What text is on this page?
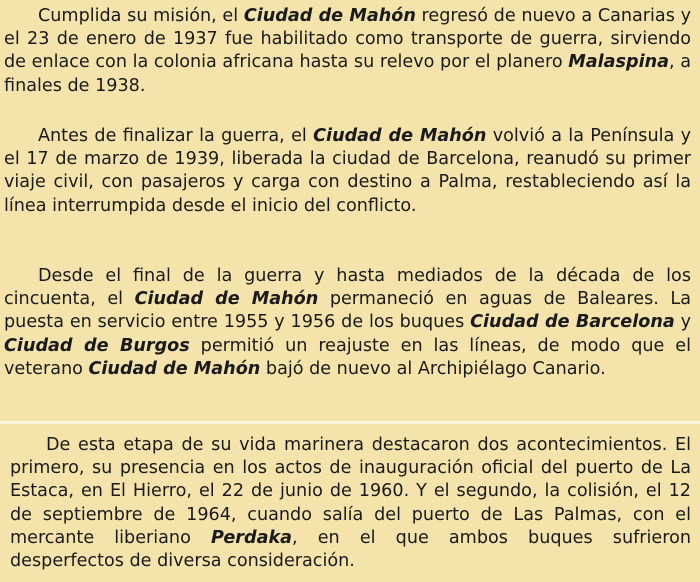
Cumplida su misión, el Ciudad de Mahón regresó de nuevo a Canarias y el 23 de enero de 1937 fue habilitado como transporte de guerra, sirviendo de enlace con la colonia africana hasta su relevo por el planero Malaspina, a finales de 1938.

Antes de finalizar la guerra, el Ciudad de Mahón volvió a la Península y el 17 de marzo de 1939, liberada la ciudad de Barcelona, reanudó su primer viaje civil, con pasajeros y carga con destino a Palma, restableciendo así la línea interrumpida desde el inicio del conflicto.

Desde el final de la guerra y hasta mediados de la década de los cincuenta, el Ciudad de Mahón permaneció en aguas de Baleares. La puesta en servicio entre 1955 y 1956 de los buques Ciudad de Barcelona y Ciudad de Burgos permitió un reajuste en las líneas, de modo que el veterano Ciudad de Mahón bajó de nuevo al Archipiélago Canario.

De esta etapa de su vida marinera destacaron dos acontecimientos. El primero, su presencia en los actos de inauguración oficial del puerto de La Estaca, en El Hierro, el 22 de junio de 1960. Y el segundo, la colisión, el 12 de septiembre de 1964, cuando salía del puerto de Las Palmas, con el mercante liberiano Perdaka, en el que ambos buques sufrieron desperfectos de diversa consideración.
